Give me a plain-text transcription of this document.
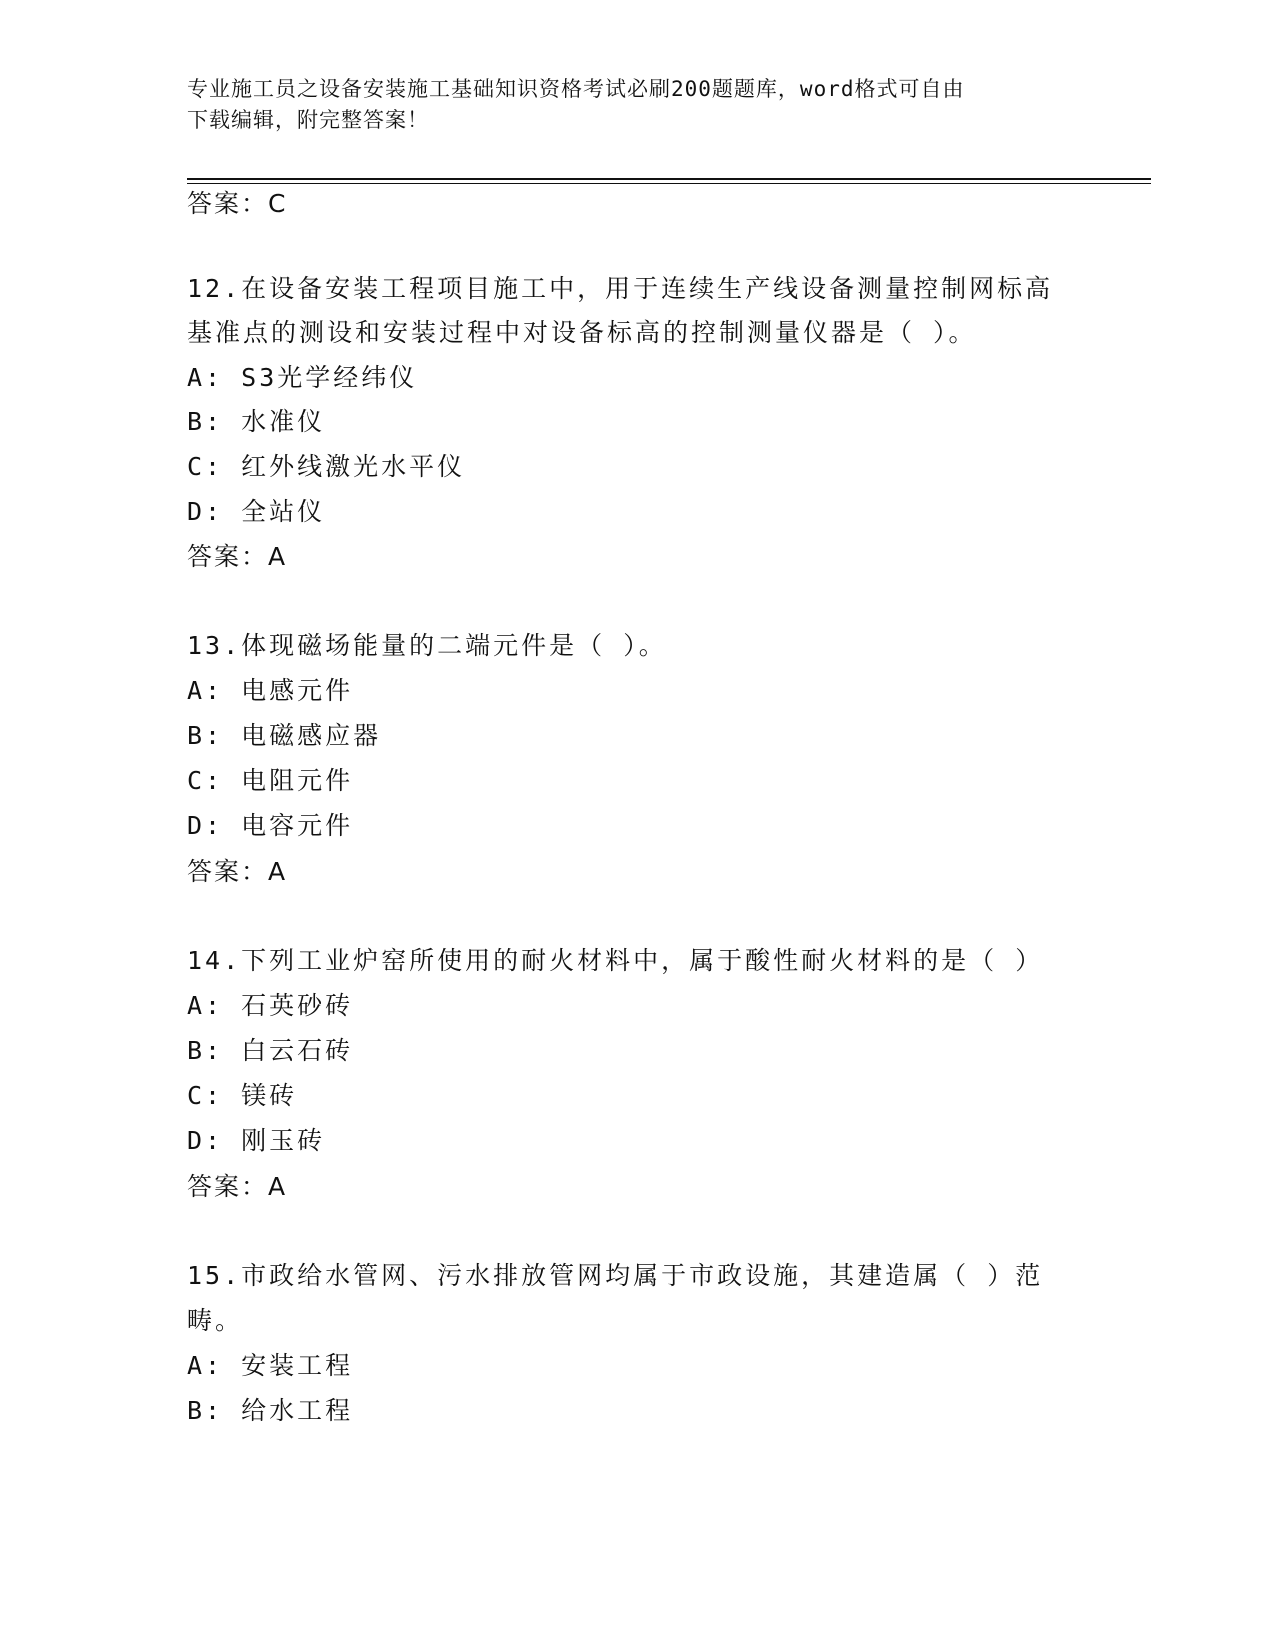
专业施工员之设备安装施工基础知识资格考试必刷200题题库，word格式可自由
下载编辑，附完整答案！
答案：C
12.在设备安装工程项目施工中，用于连续生产线设备测量控制网标高
基准点的测设和安装过程中对设备标高的控制测量仪器是（ ）。
A: S3光学经纬仪
B: 水准仪
C: 红外线激光水平仪
D: 全站仪
答案：A
13.体现磁场能量的二端元件是（ ）。
A: 电感元件
B: 电磁感应器
C: 电阻元件
D: 电容元件
答案：A
14.下列工业炉窑所使用的耐火材料中，属于酸性耐火材料的是（ ）
A: 石英砂砖
B: 白云石砖
C: 镁砖
D: 刚玉砖
答案：A
15.市政给水管网、污水排放管网均属于市政设施，其建造属（ ）范
畴。
A: 安装工程
B: 给水工程
